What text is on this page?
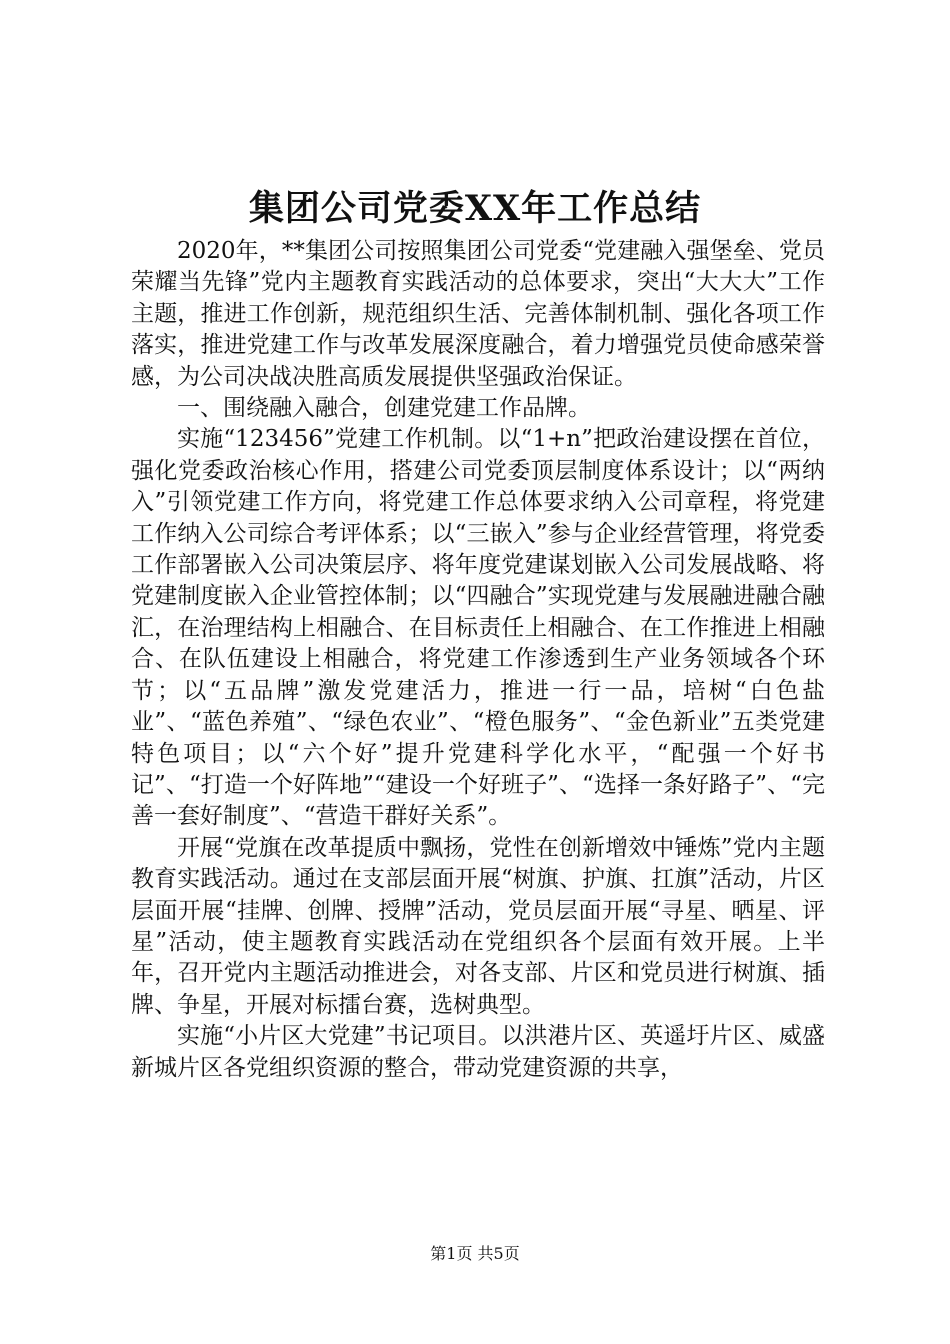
集团公司党委XX年工作总结

2020年，**集团公司按照集团公司党委“党建融入强堡垒、党员荣耀当先锋”党内主题教育实践活动的总体要求，突出“大大大”工作主题，推进工作创新，规范组织生活、完善体制机制、强化各项工作落实，推进党建工作与改革发展深度融合，着力增强党员使命感荣誉感，为公司决战决胜高质发展提供坚强政治保证。

一、围绕融入融合，创建党建工作品牌。

实施“123456”党建工作机制。以“1+n”把政治建设摆在首位，强化党委政治核心作用，搭建公司党委顶层制度体系设计；以“两纳入”引领党建工作方向，将党建工作总体要求纳入公司章程，将党建工作纳入公司综合考评体系；以“三嵌入”参与企业经营管理，将党委工作部署嵌入公司决策层序、将年度党建谋划嵌入公司发展战略、将党建制度嵌入企业管控体制；以“四融合”实现党建与发展融进融合融汇，在治理结构上相融合、在目标责任上相融合、在工作推进上相融合、在队伍建设上相融合，将党建工作渗透到生产业务领域各个环节；以“五品牌”激发党建活力，推进一行一品，培树“白色盐业”、“蓝色养殖”、“绿色农业”、“橙色服务”、“金色新业”五类党建特色项目；以“六个好”提升党建科学化水平，“配强一个好书记”、“打造一个好阵地”“建设一个好班子”、“选择一条好路子”、“完善一套好制度”、“营造干群好关系”。

开展“党旗在改革提质中飘扬，党性在创新增效中锤炼”党内主题教育实践活动。通过在支部层面开展“树旗、护旗、扛旗”活动，片区层面开展“挂牌、创牌、授牌”活动，党员层面开展“寻星、晒星、评星”活动，使主题教育实践活动在党组织各个层面有效开展。上半年，召开党内主题活动推进会，对各支部、片区和党员进行树旗、插牌、争星，开展对标擂台赛，选树典型。

实施“小片区大党建”书记项目。以洪港片区、英遥圩片区、威盛新城片区各党组织资源的整合，带动党建资源的共享，

第1页 共5页
